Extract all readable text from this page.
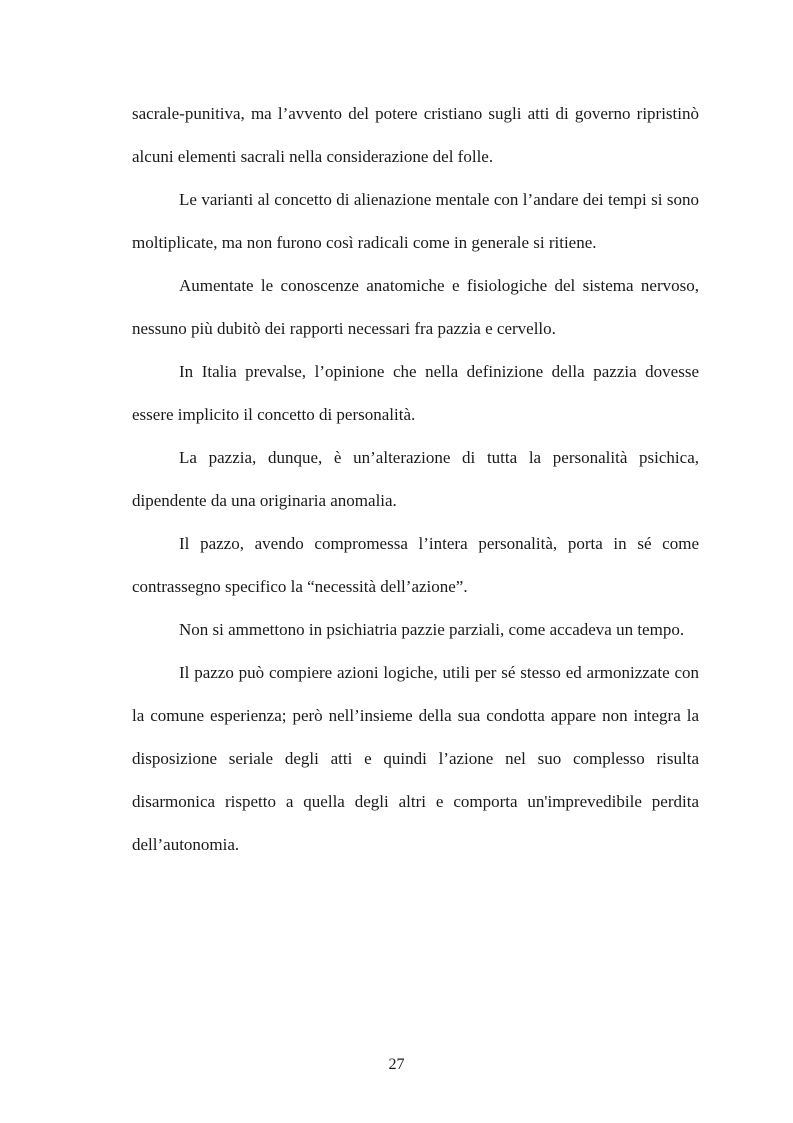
sacrale-punitiva, ma l’avvento del potere cristiano sugli atti di governo ripristinò alcuni elementi sacrali nella considerazione del folle.

Le varianti al concetto di alienazione mentale con l’andare dei tempi si sono moltiplicate, ma non furono così radicali come in generale si ritiene.

Aumentate le conoscenze anatomiche e fisiologiche del sistema nervoso, nessuno più dubitò dei rapporti necessari fra pazzia e cervello.

In Italia prevalse, l’opinione che nella definizione della pazzia dovesse essere implicito il concetto di personalità.

La pazzia, dunque, è un’alterazione di tutta la personalità psichica, dipendente da una originaria anomalia.

Il pazzo, avendo compromessa l’intera personalità, porta in sé come contrassegno specifico la “necessità dell’azione”.

Non si ammettono in psichiatria pazzie parziali, come accadeva un tempo.

Il pazzo può compiere azioni logiche, utili per sé stesso ed armonizzate con la comune esperienza; però nell’insieme della sua condotta appare non integra la disposizione seriale degli atti e quindi l’azione nel suo complesso risulta disarmonica rispetto a quella degli altri e comporta un'imprevedibile perdita dell’autonomia.

27
